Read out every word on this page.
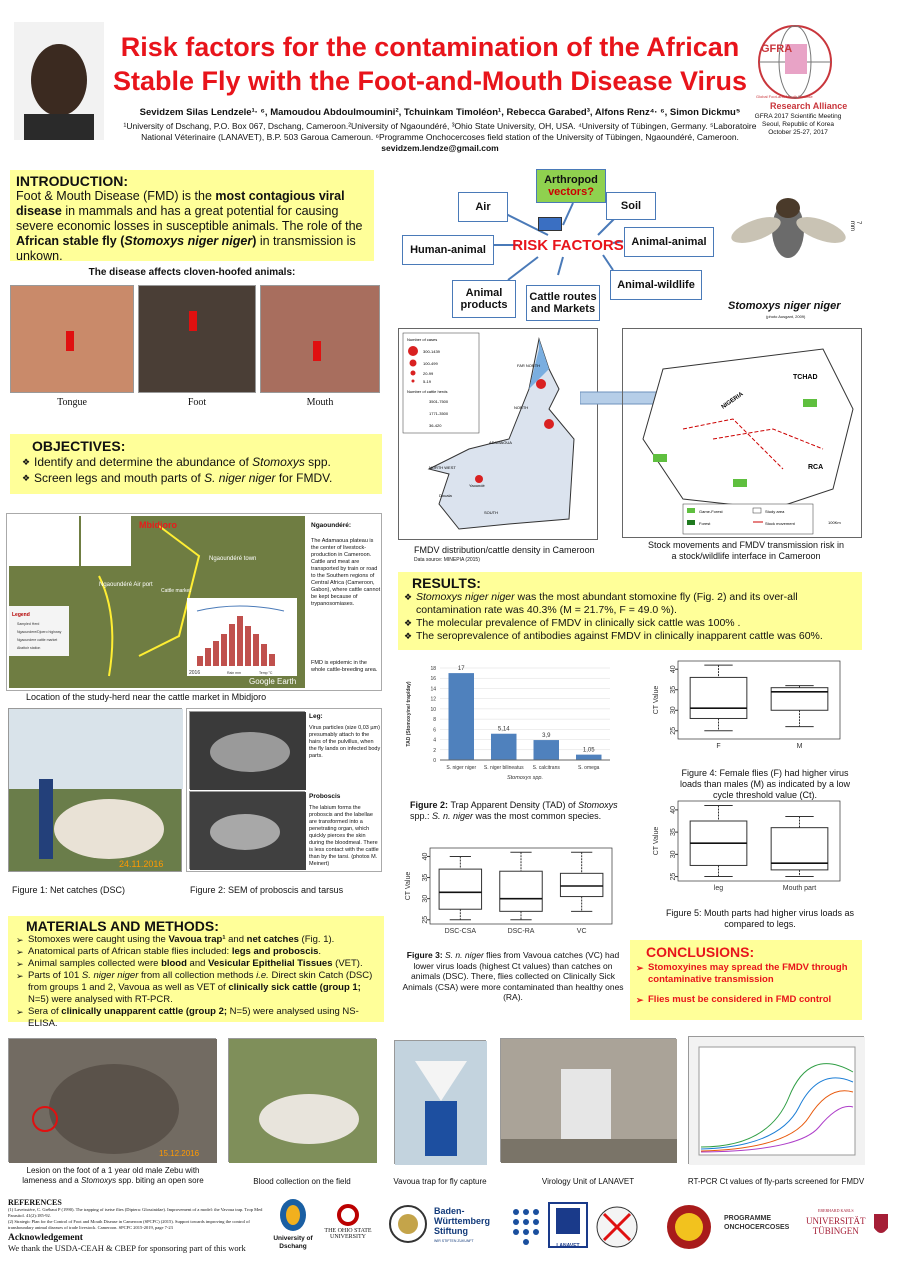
Risk factors for the contamination of the African
Stable Fly with the Foot-and-Mouth Disease Virus
Sevidzem Silas Lendzele¹· ⁶, Mamoudou Abdoulmoumini², Tchuinkam Timoléon¹, Rebecca Garabed³, Alfons Renz⁴· ⁶, Simon Dickmu⁵
¹University of Dschang, P.O. Box 067, Dschang, Cameroon.²University of Ngaoundéré, ³Ohio State University, OH, USA. ⁴University of Tübingen, Germany. ⁵Laboratoire
National Véterinaire (LANAVET), B.P. 503 Garoua Cameroun. ⁶Programme Onchocercoses field station of the University of Tübingen, Ngaoundéré, Cameroon.
sevidzem.lendze@gmail.com
GFRA
Research Alliance
Global Foot-and-Mouth Disease
GFRA 2017 Scientific Meeting
Seoul, Republic of Korea
October 25-27, 2017
INTRODUCTION:
Foot & Mouth Disease (FMD) is the most contagious viral disease in mammals and has a great potential for causing severe economic losses in susceptible animals. The role of the African stable fly (Stomoxys niger niger) in transmission is unkown.
The disease affects cloven-hoofed animals:
Tongue	Foot	Mouth
OBJECTIVES:
❖ Identify and determine the abundance of Stomoxys spp.
❖ Screen legs and mouth parts of S. niger niger for FMDV.
Mbidjoro
Ngaoundéré town
Ngaoundéré Air port
Cattle market
Legend
Sampled Herd
Ngaoundere/Djoero highway
Ngaoundere cattle market
Abattoir station
2016	Rain mm	Temp °C
Google Earth
Ngaoundéré:
The Adamaoua plateau is the center of livestock-production in Cameroon. Cattle and meat are transported by train or road to the Southern regions of Central Africa (Cameroon, Gabon), where cattle cannot be kept because of trypanosomiases.
FMD is epidemic in the whole cattle-breeding area.
Location of the study-herd near the cattle market in Mbidjoro
24.11.2016
Figure 1: Net catches (DSC)
Leg:
Virus particles (size 0,03 µm) presumably attach to the hairs of the pulvillus, when the fly lands on infected body parts.
Proboscis
The labium forms the proboscis and the labellae are transformed into a penetrating organ, which quickly pierces the skin during the bloodmeal. There is less contact with the cattle than by the tarsi. (photos M. Meinert)
Figure 2: SEM of proboscis and tarsus
MATERIALS AND METHODS:
➢ Stomoxes were caught using the Vavoua trap¹ and net catches (Fig. 1).
➢ Anatomical parts of African stable flies included: legs and proboscis.
➢ Animal samples collected were blood and Vesicular Epithelial Tissues (VET).
➢ Parts of 101 S. niger niger from all collection methods i.e. Direct skin Catch (DSC) from groups 1 and 2, Vavoua as well as VET of clinically sick cattle (group 1; N=5) were analysed with RT-PCR.
➢ Sera of clinically unapparent cattle (group 2; N=5) were analysed using NS-ELISA.
Air
Arthropod
vectors?
Soil
RISK FACTORS
Human-animal
Animal-animal
Animal-wildlife
Animal
products
Cattle routes
and Markets
7 mm
Stomoxys niger niger
(photo Ausgant, 2009)
Number of cases
300-1439
100-499
20-99
5-19
Number of cattle herds
3501-7500
1771-3500
36-420
FAR NORTH
NORTH
ADAMAOUA
NORTH WEST
SOUTH
Douala
Yaoundé
FMDV distribution/cattle density in Cameroon
Data source: MINEPIA (2015)
TCHAD
NIGERIA
RCA
Game-Forest
Forest
Study area
Stock movement	100Km
Stock movements and FMDV transmission risk in
a stock/wildlife interface in Cameroon
RESULTS:
❖ Stomoxys niger niger was the most abundant stomoxine fly (Fig. 2) and its over-all contamination rate was 40.3% (M = 21.7%, F = 49.0 %).
❖ The molecular prevalence of FMDV in clinically sick cattle was 100% .
❖ The seroprevalence of antibodies against FMDV in clinically inapparent cattle was 60%.
0
2
4
6
8
10
12
14
16
18	17
S. niger niger
5,14
S. niger bilineatus
3,9
S. calcitrans
1,05
S. omega
Stomoxys spp.
TAD (Stomoxyine/ trap/day)
Figure 2: Trap Apparent Density (TAD) of Stomoxys spp.: S. n. niger was the most common species.
25
30
35
40
F	M
CT Value
Figure 4: Female flies (F) had higher virus loads than males (M) as indicated by a low cycle threshold value (Ct).
25
30
35
40
leg	Mouth part
CT Value
Figure 5: Mouth parts had higher virus loads as compared to legs.
25
30
35
40
DSC-CSA	DSC-RA	VC
CT Value
Figure 3: S. n. niger flies from Vavoua catches (VC) had lower virus loads (highest Ct values) than catches on animals (DSC). There, flies collected on Clinically Sick Animals (CSA) were more contaminated than healthy ones (RA).
CONCLUSIONS:
➢ Stomoxyines may spread the FMDV through contaminative transmission
➢ Flies must be considered in FMD control
15.12.2016
Lesion on the foot of a 1 year old male Zebu with
lameness and a Stomoxys spp. biting an open sore	Blood collection on the field	Vavoua trap for fly capture	Virology Unit of LANAVET	RT-PCR Ct values of fly-parts screened for FMDV
REFERENCES
(1) Laveissière, C. Grébaut P (1990). The trapping of tsetse flies (Diptera: Glossinidae). Improvement of a model: the Vavoua trap. Trop Med Parasitol. 41(2):185-92.
(2) Strategic Plan for the Control of Foot and Mouth Disease in Cameroon (SPCFC) (2015). Support towards improving the control of transboundary animal diseases of trade livestock. Cameroon. SPCFC 2015-2019, page 7-23
Acknowledgement
We thank the USDA-CEAH & CBEP for sponsoring part of this work
University of
Dschang
THE OHIO STATE
UNIVERSITY
Baden-
Württemberg
Stiftung
WIR STIFTEN ZUKUNFT
LANAVET
PROGRAMME
ONCHOCERCOSES
EBERHARD KARLS
UNIVERSITÄT
TÜBINGEN
